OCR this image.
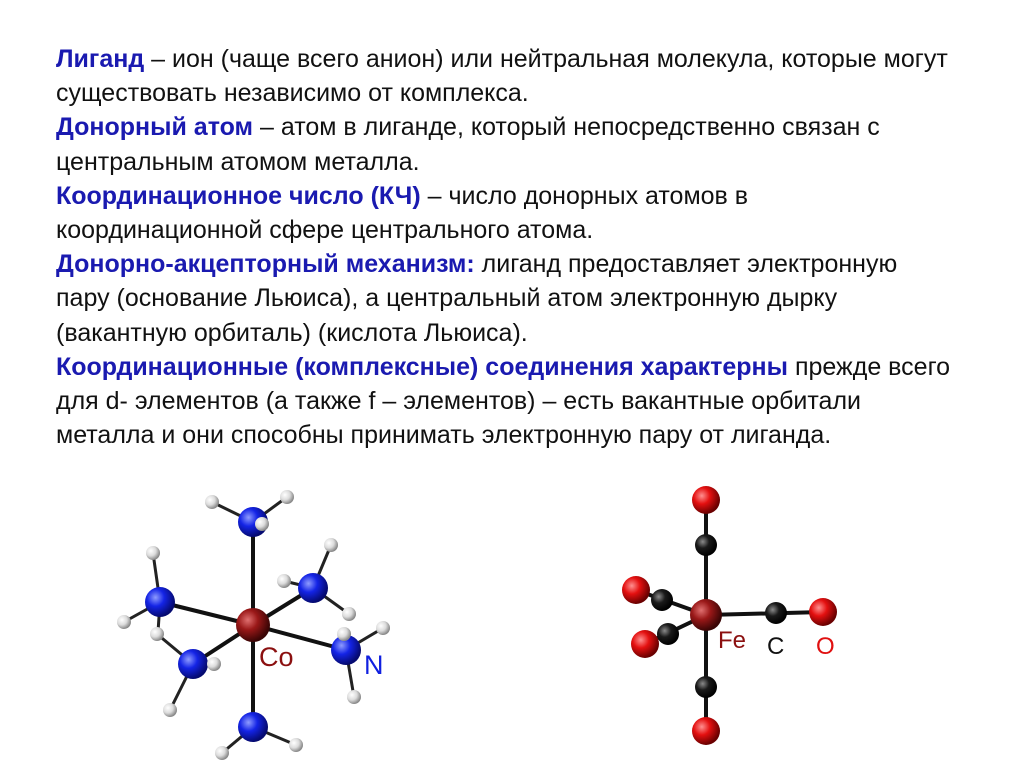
Лиганд – ион (чаще всего анион) или нейтральная молекула, которые могут существовать независимо от комплекса.

Донорный атом – атом в лиганде, который непосредственно связан с центральным атомом металла.

Координационное число (КЧ) – число донорных атомов в координационной сфере центрального атома.

Донорно-акцепторный механизм: лиганд предоставляет электронную пару (основание Льюиса), а центральный атом электронную дырку (вакантную орбиталь) (кислота Льюиса).

Координационные (комплексные) соединения характерны прежде всего для d- элементов (а также f – элементов) – есть вакантные орбитали металла и они способны принимать электронную пару от лиганда.

Co	N
Fe C O
